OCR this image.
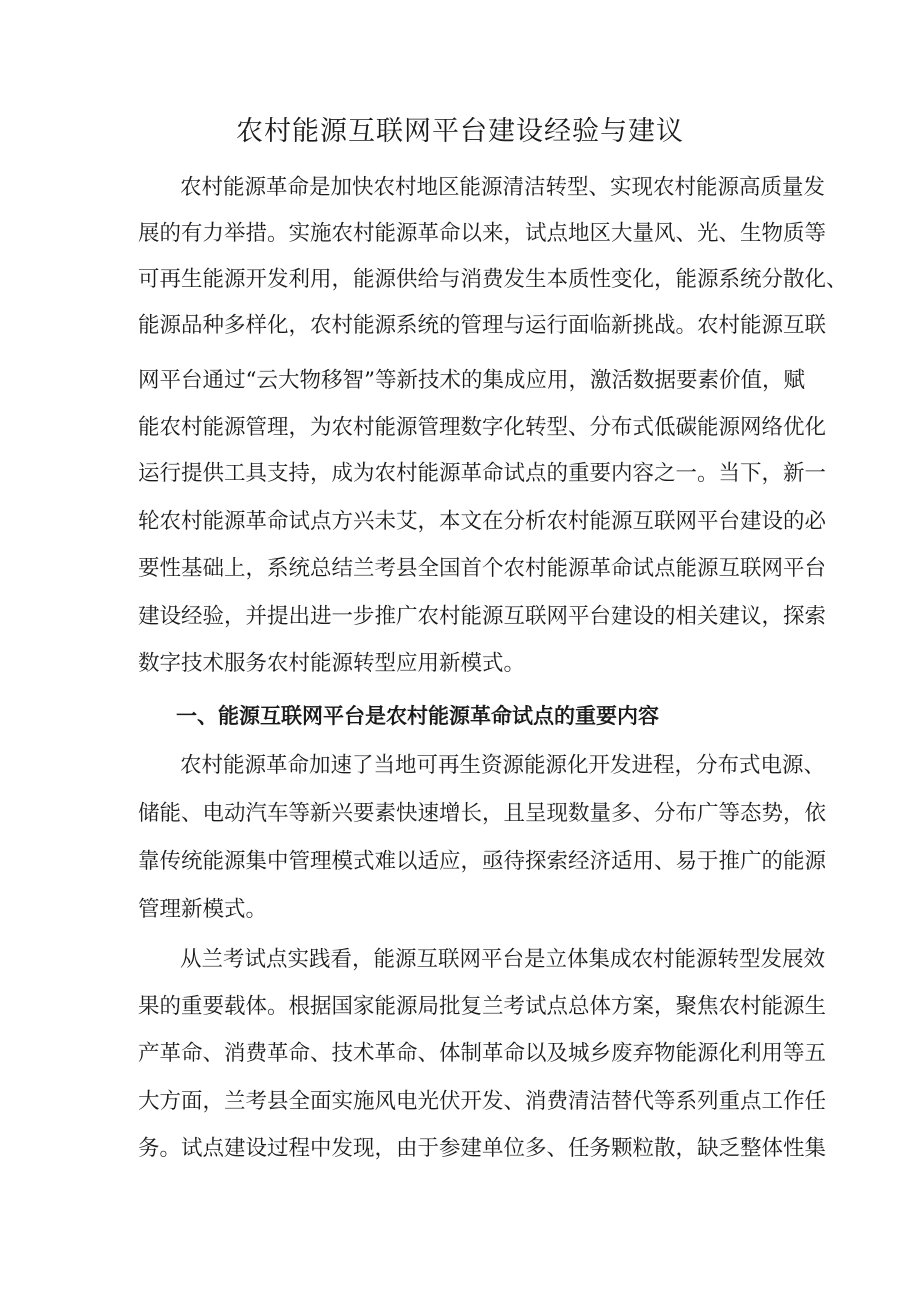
农村能源互联网平台建设经验与建议

农村能源革命是加快农村地区能源清洁转型、实现农村能源高质量发

展的有力举措。实施农村能源革命以来，试点地区大量风、光、生物质等

可再生能源开发利用，能源供给与消费发生本质性变化，能源系统分散化、

能源品种多样化，农村能源系统的管理与运行面临新挑战。农村能源互联

网平台通过“云大物移智”等新技术的集成应用，激活数据要素价值，赋

能农村能源管理，为农村能源管理数字化转型、分布式低碳能源网络优化

运行提供工具支持，成为农村能源革命试点的重要内容之一。当下，新一

轮农村能源革命试点方兴未艾，本文在分析农村能源互联网平台建设的必

要性基础上，系统总结兰考县全国首个农村能源革命试点能源互联网平台

建设经验，并提出进一步推广农村能源互联网平台建设的相关建议，探索

数字技术服务农村能源转型应用新模式。

一、能源互联网平台是农村能源革命试点的重要内容

农村能源革命加速了当地可再生资源能源化开发进程，分布式电源、

储能、电动汽车等新兴要素快速增长，且呈现数量多、分布广等态势，依

靠传统能源集中管理模式难以适应，亟待探索经济适用、易于推广的能源

管理新模式。

从兰考试点实践看，能源互联网平台是立体集成农村能源转型发展效

果的重要载体。根据国家能源局批复兰考试点总体方案，聚焦农村能源生

产革命、消费革命、技术革命、体制革命以及城乡废弃物能源化利用等五

大方面，兰考县全面实施风电光伏开发、消费清洁替代等系列重点工作任

务。试点建设过程中发现，由于参建单位多、任务颗粒散，缺乏整体性集
